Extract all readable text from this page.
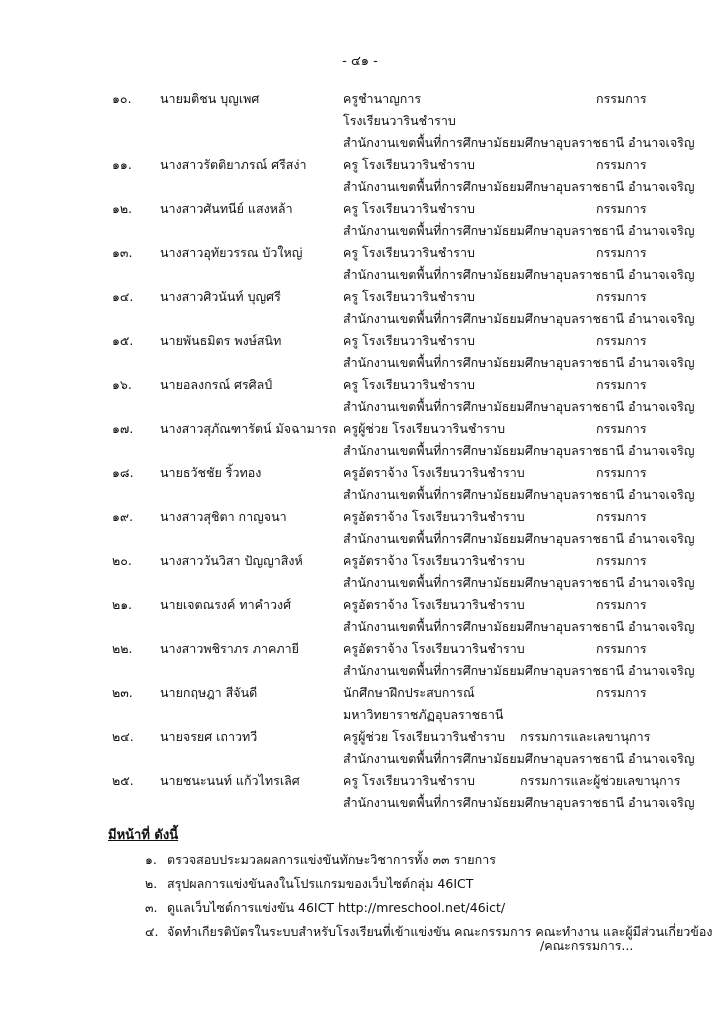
- ๔๑ -
๑๐.	นายมติชน บุญเพศ	ครูชำนาญการ	กรรมการ
โรงเรียนวารินชำราบ
สำนักงานเขตพื้นที่การศึกษามัธยมศึกษาอุบลราชธานี อำนาจเจริญ
๑๑.	นางสาวรัตติยาภรณ์ ศรีสง่า	ครู โรงเรียนวารินชำราบ	กรรมการ
สำนักงานเขตพื้นที่การศึกษามัธยมศึกษาอุบลราชธานี อำนาจเจริญ
๑๒.	นางสาวศันทนีย์ แสงหล้า	ครู โรงเรียนวารินชำราบ	กรรมการ
สำนักงานเขตพื้นที่การศึกษามัธยมศึกษาอุบลราชธานี อำนาจเจริญ
๑๓.	นางสาวอุทัยวรรณ บัวใหญ่	ครู โรงเรียนวารินชำราบ	กรรมการ
สำนักงานเขตพื้นที่การศึกษามัธยมศึกษาอุบลราชธานี อำนาจเจริญ
๑๔.	นางสาวศิวนันท์ บุญศรี	ครู โรงเรียนวารินชำราบ	กรรมการ
สำนักงานเขตพื้นที่การศึกษามัธยมศึกษาอุบลราชธานี อำนาจเจริญ
๑๕.	นายพันธมิตร พงษ์สนิท	ครู โรงเรียนวารินชำราบ	กรรมการ
สำนักงานเขตพื้นที่การศึกษามัธยมศึกษาอุบลราชธานี อำนาจเจริญ
๑๖.	นายอลงกรณ์ ศรศิลป์	ครู โรงเรียนวารินชำราบ	กรรมการ
สำนักงานเขตพื้นที่การศึกษามัธยมศึกษาอุบลราชธานี อำนาจเจริญ
๑๗.	นางสาวสุภัณฑารัตน์ มัจฉามารถ ครูผู้ช่วย โรงเรียนวารินชำราบ	กรรมการ
สำนักงานเขตพื้นที่การศึกษามัธยมศึกษาอุบลราชธานี อำนาจเจริญ
๑๘.	นายธวัชชัย ริ้วทอง	ครูอัตราจ้าง โรงเรียนวารินชำราบ	กรรมการ
สำนักงานเขตพื้นที่การศึกษามัธยมศึกษาอุบลราชธานี อำนาจเจริญ
๑๙.	นางสาวสุชิตา กาญจนา	ครูอัตราจ้าง โรงเรียนวารินชำราบ	กรรมการ
สำนักงานเขตพื้นที่การศึกษามัธยมศึกษาอุบลราชธานี อำนาจเจริญ
๒๐.	นางสาววันวิสา ปัญญาสิงห์	ครูอัตราจ้าง โรงเรียนวารินชำราบ	กรรมการ
สำนักงานเขตพื้นที่การศึกษามัธยมศึกษาอุบลราชธานี อำนาจเจริญ
๒๑.	นายเจตณรงค์ ทาคำวงศ์	ครูอัตราจ้าง โรงเรียนวารินชำราบ	กรรมการ
สำนักงานเขตพื้นที่การศึกษามัธยมศึกษาอุบลราชธานี อำนาจเจริญ
๒๒.	นางสาวพชิราภร ภาคภายี	ครูอัตราจ้าง โรงเรียนวารินชำราบ	กรรมการ
สำนักงานเขตพื้นที่การศึกษามัธยมศึกษาอุบลราชธานี อำนาจเจริญ
๒๓.	นายกฤษฎา สีจันดี	นักศึกษาฝึกประสบการณ์	กรรมการ
มหาวิทยาราชภัฏอุบลราชธานี
๒๔.	นายจรยศ เถาวทวี	ครูผู้ช่วย โรงเรียนวารินชำราบ กรรมการและเลขานุการ
สำนักงานเขตพื้นที่การศึกษามัธยมศึกษาอุบลราชธานี อำนาจเจริญ
๒๕.	นายชนะนนท์ แก้วไทรเลิศ	ครู โรงเรียนวารินชำราบ	กรรมการและผู้ช่วยเลขานุการ
สำนักงานเขตพื้นที่การศึกษามัธยมศึกษาอุบลราชธานี อำนาจเจริญ
มีหน้าที่ ดังนี้
๑. ตรวจสอบประมวลผลการแข่งขันทักษะวิชาการทั้ง ๓๓ รายการ
๒. สรุปผลการแข่งขันลงในโปรแกรมของเว็บไซต์กลุ่ม 46ICT
๓. ดูแลเว็บไซต์การแข่งขัน 46ICT http://mreschool.net/46ict/
๔. จัดทำเกียรติบัตรในระบบสำหรับโรงเรียนที่เข้าแข่งขัน คณะกรรมการ คณะทำงาน และผู้มีส่วนเกี่ยวข้อง
/คณะกรรมการ...
